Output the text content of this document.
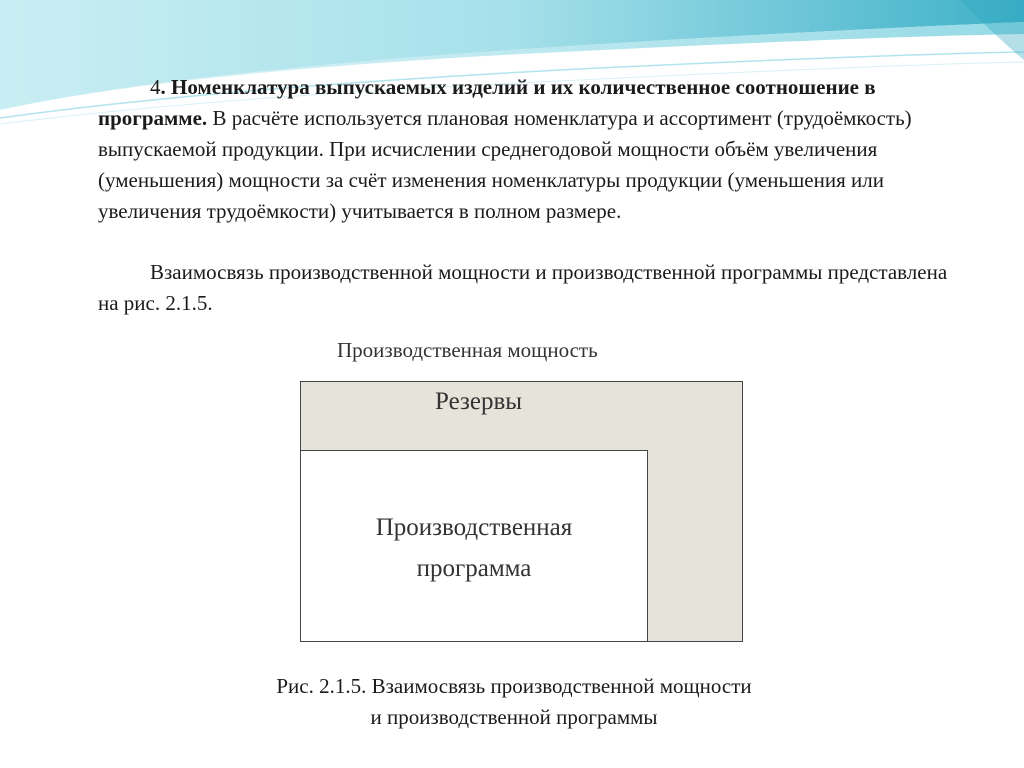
4. Номенклатура выпускаемых изделий и их количественное соотношение в программе. В расчёте используется плановая номенклатура и ассортимент (трудоёмкость) выпускаемой продукции. При исчислении среднегодовой мощности объём увеличения (уменьшения) мощности за счёт изменения номенклатуры продукции (уменьшения или увеличения трудоёмкости) учитывается в полном размере.

Взаимосвязь производственной мощности и производственной программы представлена на рис. 2.1.5.

Производственная мощность
Резервы
Производственная
программа
Рис. 2.1.5. Взаимосвязь производственной мощности
и производственной программы
